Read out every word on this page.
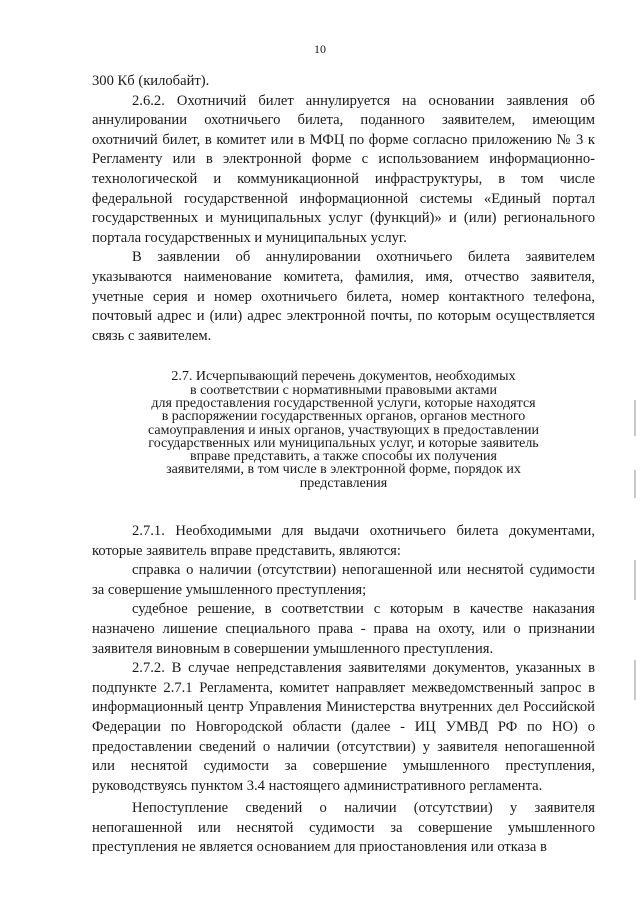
10

300 Кб (килобайт).

2.6.2. Охотничий билет аннулируется на основании заявления об аннулировании охотничьего билета, поданного заявителем, имеющим охотничий билет, в комитет или в МФЦ по форме согласно приложению № 3 к Регламенту или в электронной форме с использованием информационно-технологической и коммуникационной инфраструктуры, в том числе федеральной государственной информационной системы «Единый портал государственных и муниципальных услуг (функций)» и (или) регионального портала государственных и муниципальных услуг.

В заявлении об аннулировании охотничьего билета заявителем указываются наименование комитета, фамилия, имя, отчество заявителя, учетные серия и номер охотничьего билета, номер контактного телефона, почтовый адрес и (или) адрес электронной почты, по которым осуществляется связь с заявителем.

2.7. Исчерпывающий перечень документов, необходимых
в соответствии с нормативными правовыми актами
для предоставления государственной услуги, которые находятся
в распоряжении государственных органов, органов местного
самоуправления и иных органов, участвующих в предоставлении
государственных или муниципальных услуг, и которые заявитель
вправе представить, а также способы их получения
заявителями, в том числе в электронной форме, порядок их
представления

2.7.1. Необходимыми для выдачи охотничьего билета документами, которые заявитель вправе представить, являются:

справка о наличии (отсутствии) непогашенной или неснятой судимости за совершение умышленного преступления;

судебное решение, в соответствии с которым в качестве наказания назначено лишение специального права - права на охоту, или о признании заявителя виновным в совершении умышленного преступления.

2.7.2. В случае непредставления заявителями документов, указанных в подпункте 2.7.1 Регламента, комитет направляет межведомственный запрос в информационный центр Управления Министерства внутренних дел Российской Федерации по Новгородской области (далее - ИЦ УМВД РФ по НО) о предоставлении сведений о наличии (отсутствии) у заявителя непогашенной или неснятой судимости за совершение умышленного преступления, руководствуясь пунктом 3.4 настоящего административного регламента.

Непоступление сведений о наличии (отсутствии) у заявителя непогашенной или неснятой судимости за совершение умышленного преступления не является основанием для приостановления или отказа в
